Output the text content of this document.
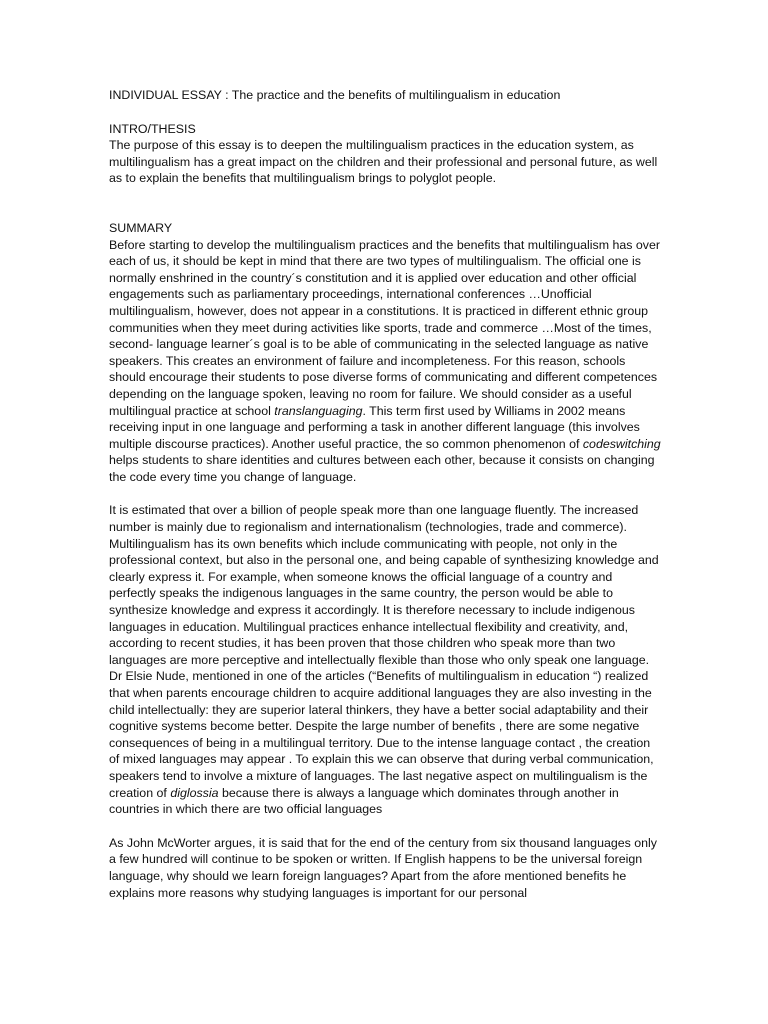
INDIVIDUAL ESSAY : The practice and the benefits of multilingualism in education
INTRO/THESIS

The purpose of this essay is to deepen the multilingualism practices in the education system, as multilingualism has a great impact on the children and their professional and personal future, as well as to explain the benefits that multilingualism brings to polyglot people.

SUMMARY

Before starting to develop the multilingualism practices and the benefits that multilingualism has over each of us, it should be kept in mind that there are two types of multilingualism. The official one is normally enshrined in the country´s constitution and it is applied over education and other official engagements such as parliamentary proceedings, international conferences …Unofficial multilingualism, however, does not appear in a constitutions. It is practiced in different ethnic group communities when they meet during activities like sports, trade and commerce …Most of the times, second- language learner´s goal is to be able of communicating in the selected language as native speakers. This creates an environment of failure and incompleteness. For this reason, schools should encourage their students to pose diverse forms of communicating and different competences depending on the language spoken, leaving no room for failure. We should consider as a useful multilingual practice at school translanguaging. This term first used by Williams in 2002 means receiving input in one language and performing a task in another different language (this involves multiple discourse practices). Another useful practice, the so common phenomenon of codeswitching helps students to share identities and cultures between each other, because it consists on changing the code every time you change of language.

It is estimated that over a billion of people speak more than one language fluently. The increased number is mainly due to regionalism and internationalism (technologies, trade and commerce). Multilingualism has its own benefits which include communicating with people, not only in the professional context, but also in the personal one, and being capable of synthesizing knowledge and clearly express it. For example, when someone knows the official language of a country and perfectly speaks the indigenous languages in the same country, the person would be able to synthesize knowledge and express it accordingly. It is therefore necessary to include indigenous languages in education. Multilingual practices enhance intellectual flexibility and creativity, and, according to recent studies, it has been proven that those children who speak more than two languages are more perceptive and intellectually flexible than those who only speak one language. Dr Elsie Nude, mentioned in one of the articles (“Benefits of multilingualism in education “) realized that when parents encourage children to acquire additional languages they are also investing in the child intellectually: they are superior lateral thinkers, they have a better social adaptability and their cognitive systems become better. Despite the large number of benefits , there are some negative consequences of being in a multilingual territory. Due to the intense language contact , the creation of mixed languages may appear . To explain this we can observe that during verbal communication, speakers tend to involve a mixture of languages. The last negative aspect on multilingualism is the creation of diglossia because there is always a language which dominates through another in countries in which there are two official languages

As John McWorter argues, it is said that for the end of the century from six thousand languages only a few hundred will continue to be spoken or written. If English happens to be the universal foreign language, why should we learn foreign languages? Apart from the afore mentioned benefits he explains more reasons why studying languages is important for our personal
